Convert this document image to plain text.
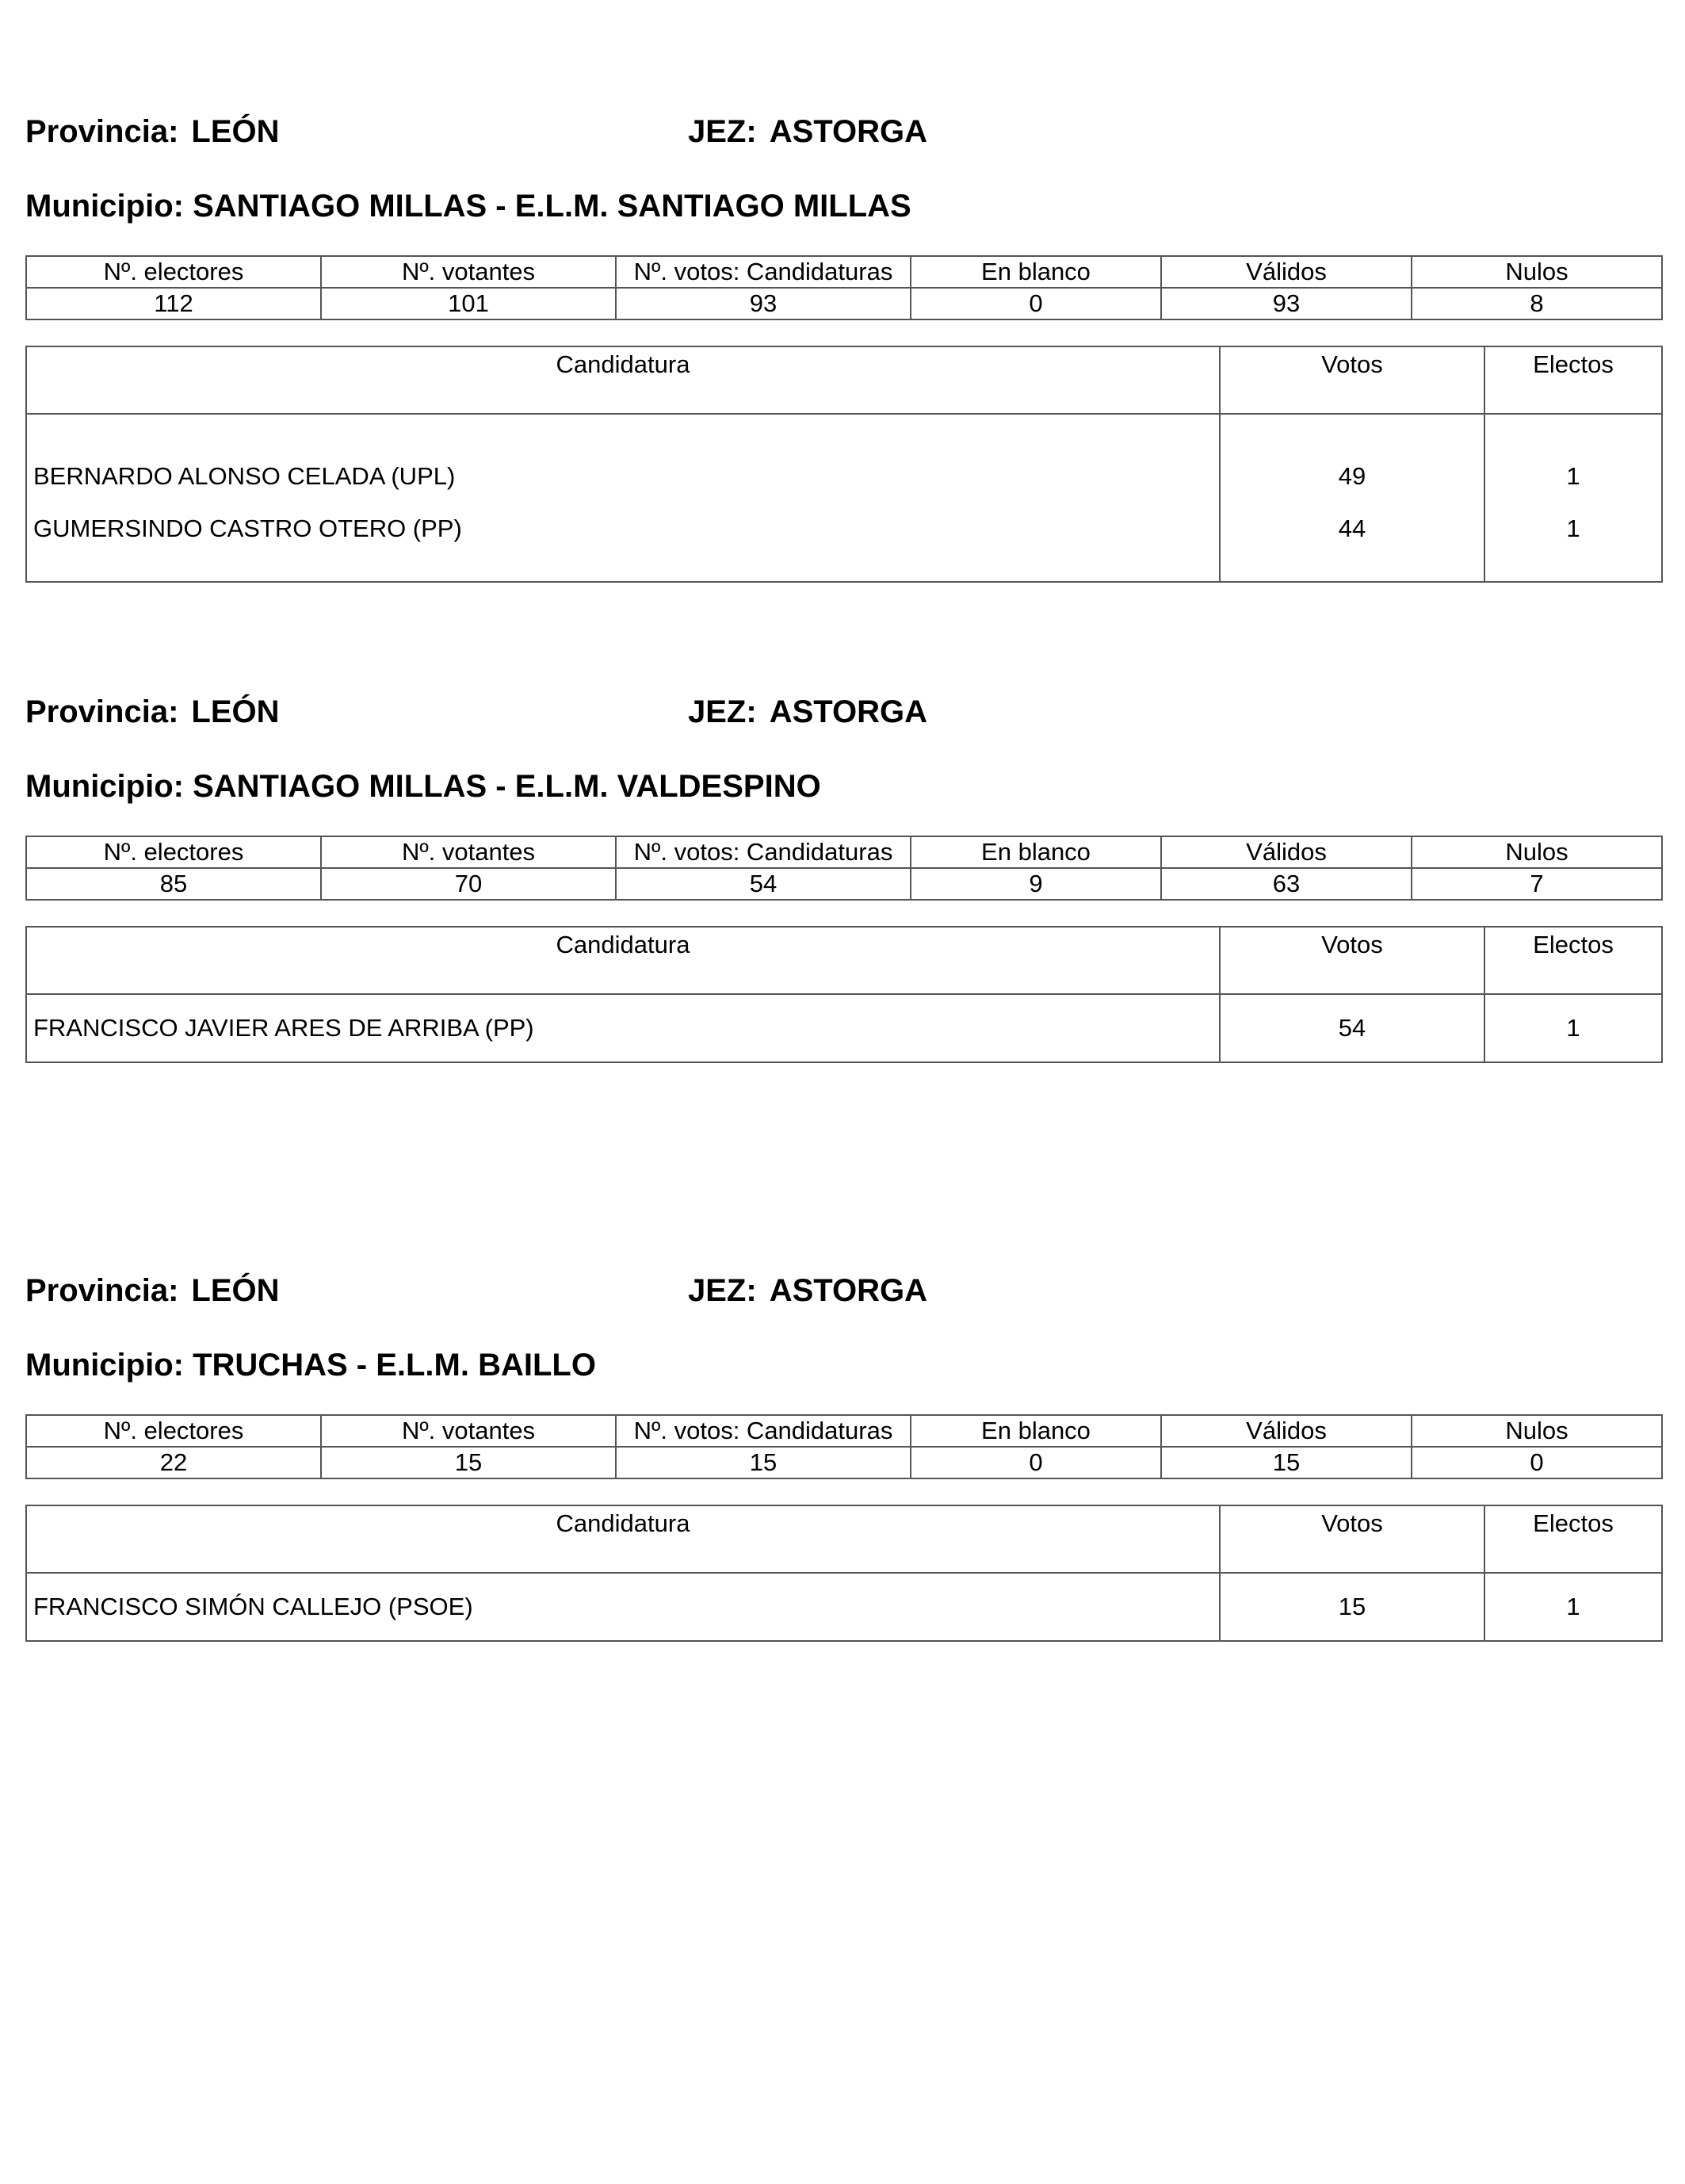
Provincia: LEÓN	JEZ: ASTORGA
Municipio: SANTIAGO MILLAS - E.L.M. SANTIAGO MILLAS
Nº. electores	Nº. votantes	Nº. votos: Candidaturas	En blanco	Válidos	Nulos
112	101	93	0	93	8
Candidatura	Votos	Electos
BERNARDO ALONSO CELADA (UPL)	49	1
GUMERSINDO CASTRO OTERO (PP)	44	1
Provincia: LEÓN	JEZ: ASTORGA
Municipio: SANTIAGO MILLAS - E.L.M. VALDESPINO
Nº. electores	Nº. votantes	Nº. votos: Candidaturas	En blanco	Válidos	Nulos
85	70	54	9	63	7
Candidatura	Votos	Electos
FRANCISCO JAVIER ARES DE ARRIBA (PP)	54	1
Provincia: LEÓN	JEZ: ASTORGA
Municipio: TRUCHAS - E.L.M. BAILLO
Nº. electores	Nº. votantes	Nº. votos: Candidaturas	En blanco	Válidos	Nulos
22	15	15	0	15	0
Candidatura	Votos	Electos
FRANCISCO SIMÓN CALLEJO (PSOE)	15	1
